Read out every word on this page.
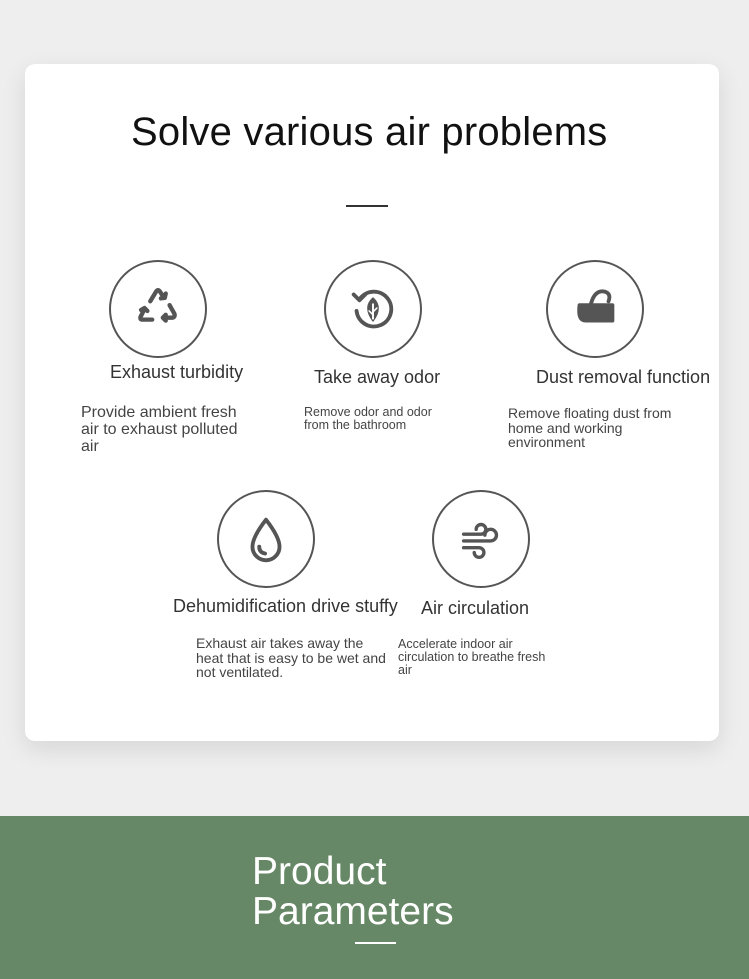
Solve various air problems
Exhaust turbidity
Provide ambient fresh air to exhaust polluted air
Take away odor
Remove odor and odor from the bathroom
Dust removal function
Remove floating dust from home and working environment
Dehumidification drive stuffy
Exhaust air takes away the heat that is easy to be wet and not ventilated.
Air circulation
Accelerate indoor air circulation to breathe fresh air
Product Parameters
